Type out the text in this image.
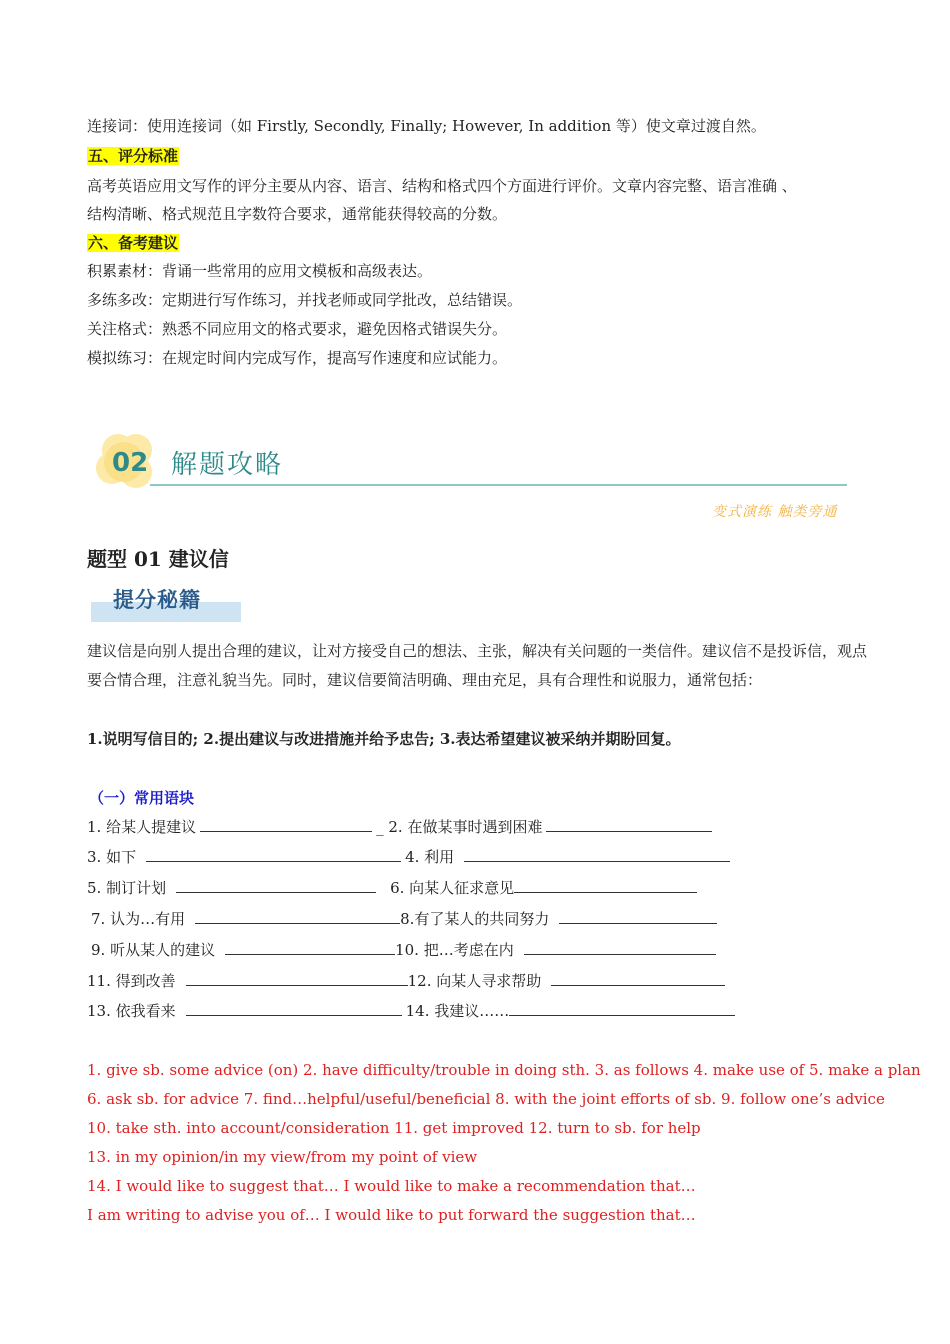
连接词：使用连接词（如 Firstly, Secondly, Finally; However, In addition 等）使文章过渡自然。
五、评分标准
高考英语应用文写作的评分主要从内容、语言、结构和格式四个方面进行评价。文章内容完整、语言准确 、
结构清晰、格式规范且字数符合要求，通常能获得较高的分数。
六、备考建议
积累素材：背诵一些常用的应用文模板和高级表达。
多练多改：定期进行写作练习，并找老师或同学批改，总结错误。
关注格式：熟悉不同应用文的格式要求，避免因格式错误失分。
模拟练习：在规定时间内完成写作，提高写作速度和应试能力。
02 解题攻略
变式演练 触类旁通
题型 01 建议信
提分秘籍
建议信是向别人提出合理的建议，让对方接受自己的想法、主张，解决有关问题的一类信件。建议信不是投诉信，观点要合情合理，注意礼貌当先。同时，建议信要简洁明确、理由充足，具有合理性和说服力，通常包括：
1.说明写信目的; 2.提出建议与改进措施并给予忠告; 3.表达希望建议被采纳并期盼回复。
（一）常用语块
1. 给某人提建议	_ 2. 在做某事时遇到困难
3. 如下	4. 利用
5. 制订计划	6. 向某人征求意见
7. 认为…有用	8.有了某人的共同努力
9. 听从某人的建议	10. 把…考虑在内
11. 得到改善	12. 向某人寻求帮助
13. 依我看来	14. 我建议……
1. give sb. some advice (on) 2. have difficulty/trouble in doing sth. 3. as follows 4. make use of 5. make a plan
6. ask sb. for advice 7. find…helpful/useful/beneficial 8. with the joint efforts of sb. 9. follow one’s advice
10. take sth. into account/consideration 11. get improved 12. turn to sb. for help
13. in my opinion/in my view/from my point of view
14. I would like to suggest that… I would like to make a recommendation that…
I am writing to advise you of… I would like to put forward the suggestion that…
